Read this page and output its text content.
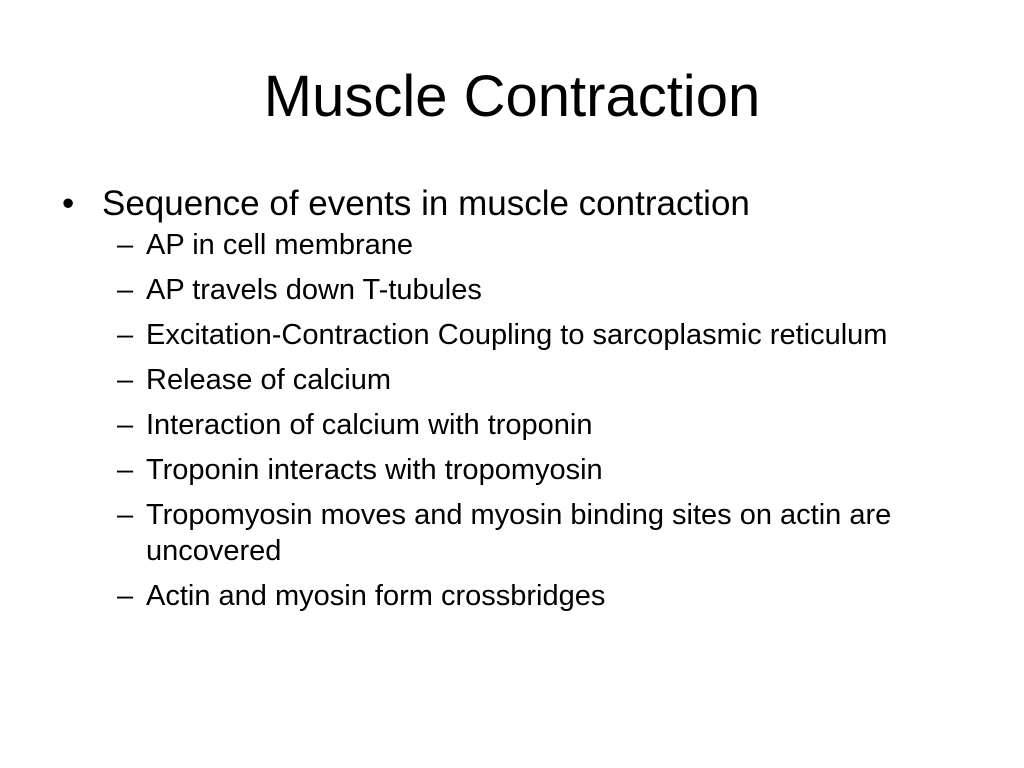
Muscle Contraction
• Sequence of events in muscle contraction
– AP in cell membrane
– AP travels down T-tubules
– Excitation-Contraction Coupling to sarcoplasmic reticulum
– Release of calcium
– Interaction of calcium with troponin
– Troponin interacts with tropomyosin
– Tropomyosin moves and myosin binding sites on actin are uncovered
– Actin and myosin form crossbridges
